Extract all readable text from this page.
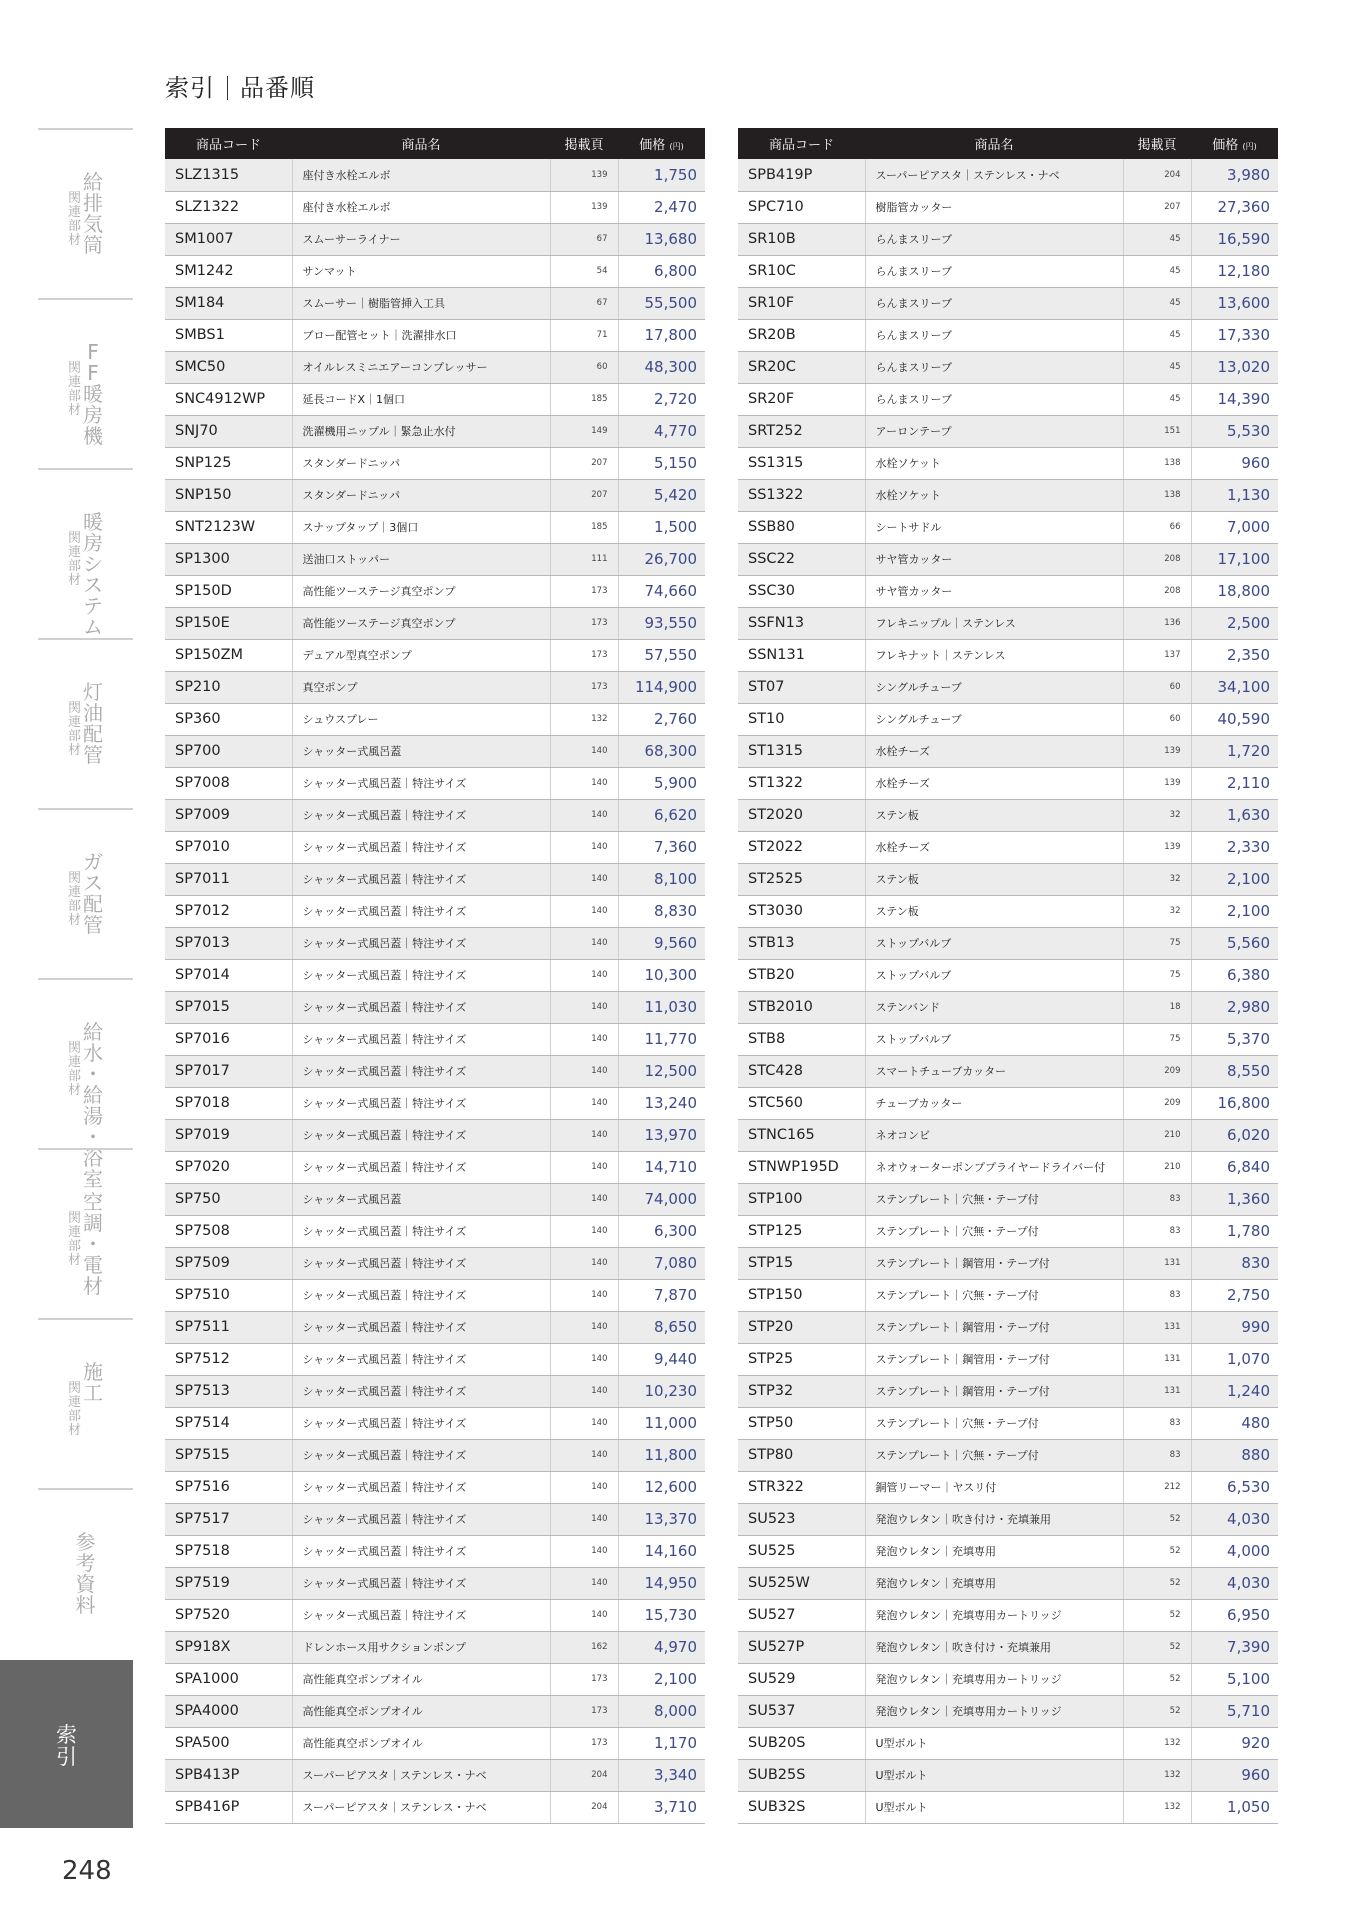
索引 品番順
関
連
部
材
給
排
気
筒
関
連
部
材
F
F
暖
房
機
関
連
部
材
暖
房
シ
ス
テ
ム
関
連
部
材
灯
油
配
管
関
連
部
材
ガ
ス
配
管
関
連
部
材
給
水
・
給
湯
・
浴
室
関
連
部
材
空
調
・
電
材
関
連
部
材
施
工
参
考
資
料
索
引
商品コード	商品名	掲載頁	価格 (円)
SLZ1315	座付き水栓エルボ	139	1,750
SLZ1322	座付き水栓エルボ	139	2,470
SM1007	スムーサーライナー	67	13,680
SM1242	サンマット	54	6,800
SM184	スムーサー｜樹脂管挿入工具	67	55,500
SMBS1	ブロー配管セット｜洗濯排水口	71	17,800
SMC50	オイルレスミニエアーコンプレッサー	60	48,300
SNC4912WP	延長コードX｜1個口	185	2,720
SNJ70	洗濯機用ニップル｜緊急止水付	149	4,770
SNP125	スタンダードニッパ	207	5,150
SNP150	スタンダードニッパ	207	5,420
SNT2123W	スナップタップ｜3個口	185	1,500
SP1300	送油口ストッパー	111	26,700
SP150D	高性能ツーステージ真空ポンプ	173	74,660
SP150E	高性能ツーステージ真空ポンプ	173	93,550
SP150ZM	デュアル型真空ポンプ	173	57,550
SP210	真空ポンプ	173	114,900
SP360	シュウスプレー	132	2,760
SP700	シャッター式風呂蓋	140	68,300
SP7008	シャッター式風呂蓋｜特注サイズ	140	5,900
SP7009	シャッター式風呂蓋｜特注サイズ	140	6,620
SP7010	シャッター式風呂蓋｜特注サイズ	140	7,360
SP7011	シャッター式風呂蓋｜特注サイズ	140	8,100
SP7012	シャッター式風呂蓋｜特注サイズ	140	8,830
SP7013	シャッター式風呂蓋｜特注サイズ	140	9,560
SP7014	シャッター式風呂蓋｜特注サイズ	140	10,300
SP7015	シャッター式風呂蓋｜特注サイズ	140	11,030
SP7016	シャッター式風呂蓋｜特注サイズ	140	11,770
SP7017	シャッター式風呂蓋｜特注サイズ	140	12,500
SP7018	シャッター式風呂蓋｜特注サイズ	140	13,240
SP7019	シャッター式風呂蓋｜特注サイズ	140	13,970
SP7020	シャッター式風呂蓋｜特注サイズ	140	14,710
SP750	シャッター式風呂蓋	140	74,000
SP7508	シャッター式風呂蓋｜特注サイズ	140	6,300
SP7509	シャッター式風呂蓋｜特注サイズ	140	7,080
SP7510	シャッター式風呂蓋｜特注サイズ	140	7,870
SP7511	シャッター式風呂蓋｜特注サイズ	140	8,650
SP7512	シャッター式風呂蓋｜特注サイズ	140	9,440
SP7513	シャッター式風呂蓋｜特注サイズ	140	10,230
SP7514	シャッター式風呂蓋｜特注サイズ	140	11,000
SP7515	シャッター式風呂蓋｜特注サイズ	140	11,800
SP7516	シャッター式風呂蓋｜特注サイズ	140	12,600
SP7517	シャッター式風呂蓋｜特注サイズ	140	13,370
SP7518	シャッター式風呂蓋｜特注サイズ	140	14,160
SP7519	シャッター式風呂蓋｜特注サイズ	140	14,950
SP7520	シャッター式風呂蓋｜特注サイズ	140	15,730
SP918X	ドレンホース用サクションポンプ	162	4,970
SPA1000	高性能真空ポンプオイル	173	2,100
SPA4000	高性能真空ポンプオイル	173	8,000
SPA500	高性能真空ポンプオイル	173	1,170
SPB413P	スーパーピアスタ｜ステンレス・ナベ	204	3,340
SPB416P	スーパーピアスタ｜ステンレス・ナベ	204	3,710
商品コード	商品名	掲載頁	価格 (円)
SPB419P	スーパーピアスタ｜ステンレス・ナベ	204	3,980
SPC710	樹脂管カッター	207	27,360
SR10B	らんまスリーブ	45	16,590
SR10C	らんまスリーブ	45	12,180
SR10F	らんまスリーブ	45	13,600
SR20B	らんまスリーブ	45	17,330
SR20C	らんまスリーブ	45	13,020
SR20F	らんまスリーブ	45	14,390
SRT252	アーロンテープ	151	5,530
SS1315	水栓ソケット	138	960
SS1322	水栓ソケット	138	1,130
SSB80	シートサドル	66	7,000
SSC22	サヤ管カッター	208	17,100
SSC30	サヤ管カッター	208	18,800
SSFN13	フレキニップル｜ステンレス	136	2,500
SSN131	フレキナット｜ステンレス	137	2,350
ST07	シングルチューブ	60	34,100
ST10	シングルチューブ	60	40,590
ST1315	水栓チーズ	139	1,720
ST1322	水栓チーズ	139	2,110
ST2020	ステン板	32	1,630
ST2022	水栓チーズ	139	2,330
ST2525	ステン板	32	2,100
ST3030	ステン板	32	2,100
STB13	ストップバルブ	75	5,560
STB20	ストップバルブ	75	6,380
STB2010	ステンバンド	18	2,980
STB8	ストップバルブ	75	5,370
STC428	スマートチューブカッター	209	8,550
STC560	チューブカッター	209	16,800
STNC165	ネオコンビ	210	6,020
STNWP195D	ネオウォーターポンププライヤードライバー付	210	6,840
STP100	ステンプレート｜穴無・テープ付	83	1,360
STP125	ステンプレート｜穴無・テープ付	83	1,780
STP15	ステンプレート｜鋼管用・テープ付	131	830
STP150	ステンプレート｜穴無・テープ付	83	2,750
STP20	ステンプレート｜鋼管用・テープ付	131	990
STP25	ステンプレート｜鋼管用・テープ付	131	1,070
STP32	ステンプレート｜鋼管用・テープ付	131	1,240
STP50	ステンプレート｜穴無・テープ付	83	480
STP80	ステンプレート｜穴無・テープ付	83	880
STR322	銅管リーマー｜ヤスリ付	212	6,530
SU523	発泡ウレタン｜吹き付け・充填兼用	52	4,030
SU525	発泡ウレタン｜充填専用	52	4,000
SU525W	発泡ウレタン｜充填専用	52	4,030
SU527	発泡ウレタン｜充填専用カートリッジ	52	6,950
SU527P	発泡ウレタン｜吹き付け・充填兼用	52	7,390
SU529	発泡ウレタン｜充填専用カートリッジ	52	5,100
SU537	発泡ウレタン｜充填専用カートリッジ	52	5,710
SUB20S	U型ボルト	132	920
SUB25S	U型ボルト	132	960
SUB32S	U型ボルト	132	1,050
248
